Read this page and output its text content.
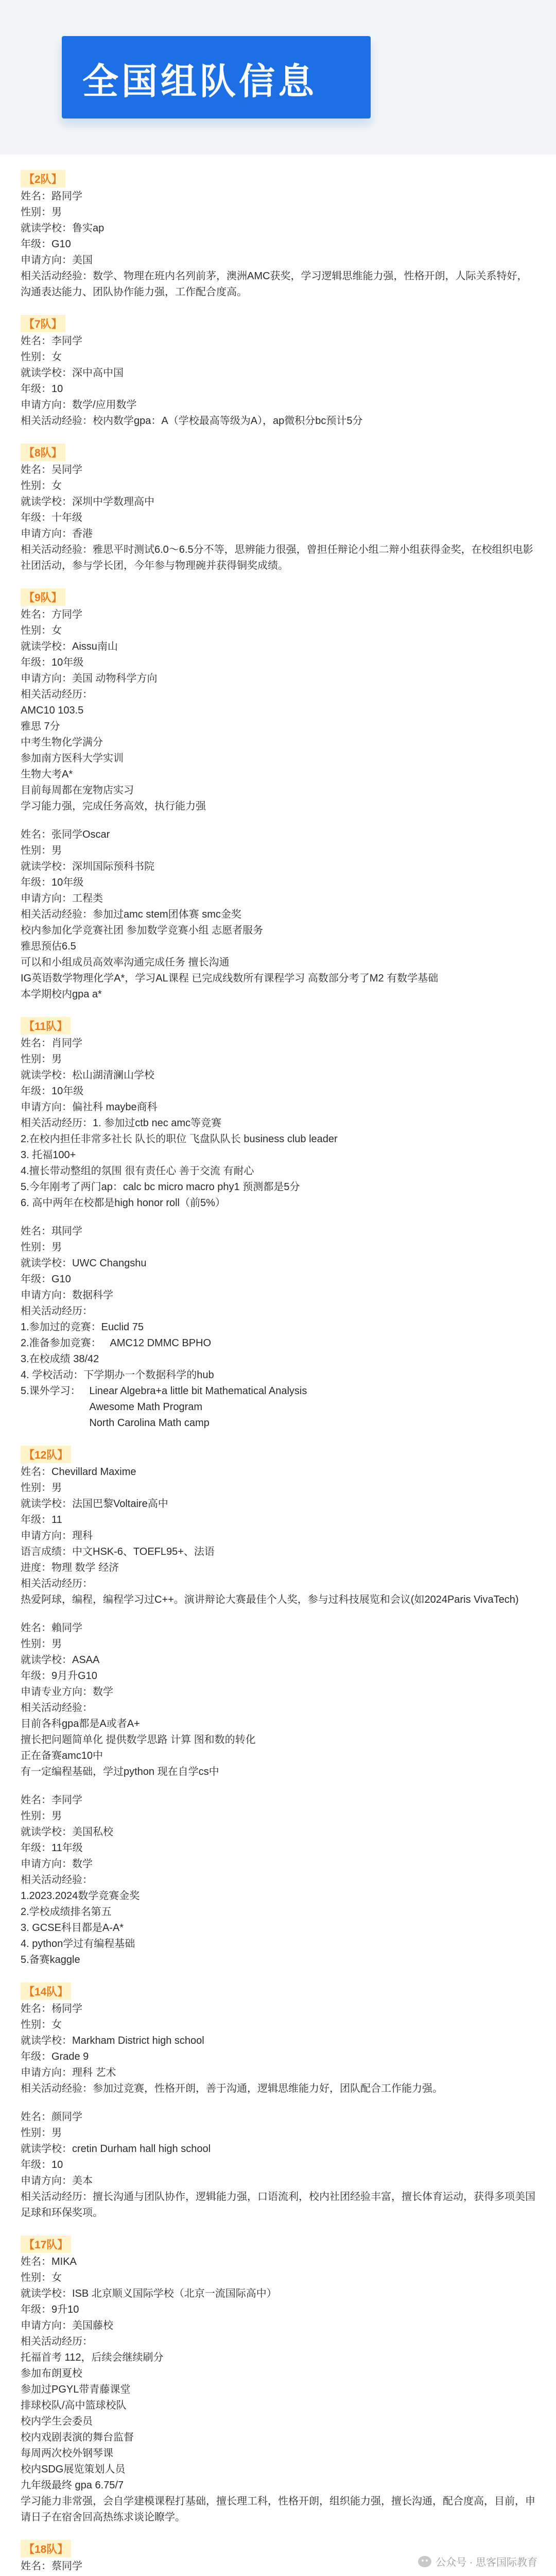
全国组队信息
【2队】

姓名：路同学

性别：男

就读学校：鲁实ap

年级：G10

申请方向：美国

相关活动经验：数学、物理在班内名列前茅，澳洲AMC获奖，学习逻辑思维能力强，性格开朗，人际关系特好，沟通表达能力、团队协作能力强，工作配合度高。

【7队】

姓名：李同学

性别：女

就读学校：深中高中国

年级：10

申请方向：数学/应用数学

相关活动经验：校内数学gpa：A（学校最高等级为A），ap微积分bc预计5分

【8队】

姓名：吴同学

性别：女

就读学校：深圳中学数理高中

年级：十年级

申请方向：香港

相关活动经验：雅思平时测试6.0～6.5分不等，思辨能力很强，曾担任辩论小组二辩小组获得金奖，在校组织电影社团活动，参与学长团，今年参与物理碗并获得铜奖成绩。

【9队】

姓名：方同学

性别：女

就读学校：Aissu南山

年级：10年级

申请方向：美国 动物科学方向

相关活动经历：

AMC10 103.5

雅思 7分

中考生物化学满分

参加南方医科大学实训

生物大考A*

目前每周都在宠物店实习

学习能力强，完成任务高效，执行能力强

姓名：张同学Oscar

性别：男

就读学校：深圳国际预科书院

年级：10年级

申请方向：工程类

相关活动经验：参加过amc stem团体赛 smc金奖

校内参加化学竞赛社团 参加数学竞赛小组 志愿者服务

雅思预估6.5

可以和小组成员高效率沟通完成任务 擅长沟通

IG英语数学物理化学A*，学习AL课程 已完成线数所有课程学习 高数部分考了M2 有数学基础

本学期校内gpa a*

【11队】

姓名：肖同学

性别：男

就读学校：松山湖清澜山学校

年级：10年级

申请方向：偏社科 maybe商科

相关活动经历：1. 参加过ctb nec amc等竞赛

2.在校内担任非常多社长 队长的职位 飞盘队队长 business club leader

3. 托福100+

4.擅长带动整组的氛围 很有责任心 善于交流 有耐心

5.今年刚考了两门ap：calc bc micro macro phy1 预测都是5分

6. 高中两年在校都是high honor roll（前5%）

姓名：琪同学

性别：男

就读学校：UWC Changshu

年级：G10

申请方向：数据科学

相关活动经历：

1.参加过的竞赛：Euclid 75

2.准备参加竞赛：   AMC12 DMMC BPHO

3.在校成绩 38/42

4. 学校活动：下学期办一个数据科学的hub

5.课外学习：   Linear Algebra+a little bit Mathematical Analysis

Awesome Math Program

North Carolina Math camp

【12队】

姓名：Chevillard Maxime

性别：男

就读学校：法国巴黎Voltaire高中

年级：11

申请方向：理科

语言成绩：中文HSK-6、TOEFL95+、法语

进度：物理 数学 经济

相关活动经历：

热爱阿球，编程，编程学习过C++。演讲辩论大赛最佳个人奖，参与过科技展览和会议(如2024Paris VivaTech)

姓名：賴同学

性别：男

就读学校：ASAA

年级：9月升G10

申请专业方向：数学

相关活动经验：

目前各科gpa都是A或者A+

擅长把问题简单化 提供数学思路 计算 图和数的转化

正在备赛amc10中

有一定编程基础，学过python 现在自学cs中

姓名：李同学

性别：男

就读学校：美国私校

年级：11年级

申请方向：数学

相关活动经验：

1.2023.2024数学竞赛金奖

2.学校成绩排名第五

3. GCSE科目都是A-A*

4. python学过有编程基础

5.备赛kaggle

【14队】

姓名：杨同学

性别：女

就读学校：Markham District high school

年级：Grade 9

申请方向：理科 艺术

相关活动经验：参加过竞赛，性格开朗，善于沟通，逻辑思维能力好，团队配合工作能力强。

姓名：颜同学

性别：男

就读学校：cretin Durham hall high school

年级：10

申请方向：美本

相关活动经历：擅长沟通与团队协作，逻辑能力强，口语流利，校内社团经验丰富，擅长体育运动，获得多项美国足球和环保奖项。

【17队】

姓名：MIKA

性别：女

就读学校：ISB 北京顺义国际学校（北京一流国际高中）

年级：9升10

申请方向：美国藤校

相关活动经历：

托福首考 112，后续会继续刷分

参加布朗夏校

参加过PGYL带青藤课堂

排球校队/高中篮球校队

校内学生会委员

校内戏剧表演的舞台监督

每周两次校外钢琴课

校内SDG展览策划人员

九年级最终 gpa 6.75/7

学习能力非常强，会自学建模课程打基础，擅长理工科，性格开朗，组织能力强，擅长沟通，配合度高，目前，申请日子在宿舍回高热练求谈论瞭学。

【18队】

姓名：蔡同学	公众号 · 思客国际教育
